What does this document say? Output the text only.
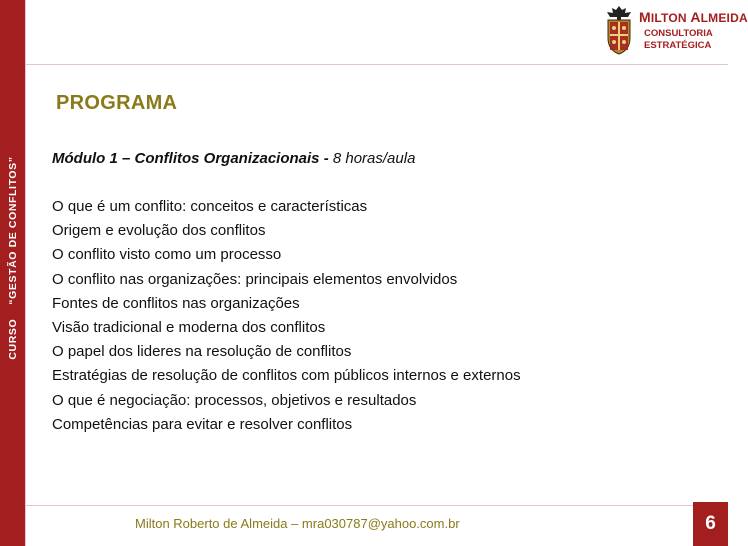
CURSO“GESTÃO DE CONFLITOS”
MILTON ALMEIDA
CONSULTORIA
ESTRATÉGICA
PROGRAMA
Módulo 1 – Conflitos Organizacionais - 8 horas/aula
O que é um conflito: conceitos e características
Origem e evolução dos conflitos
O conflito visto como um processo
O conflito nas organizações: principais elementos envolvidos
Fontes de conflitos nas organizações
Visão tradicional e moderna dos conflitos
O papel dos lideres na resolução de conflitos
Estratégias de resolução de conflitos com públicos internos e externos
O que é negociação: processos, objetivos e resultados
Competências para evitar e resolver conflitos
Milton Roberto de Almeida – mra030787@yahoo.com.br	6
